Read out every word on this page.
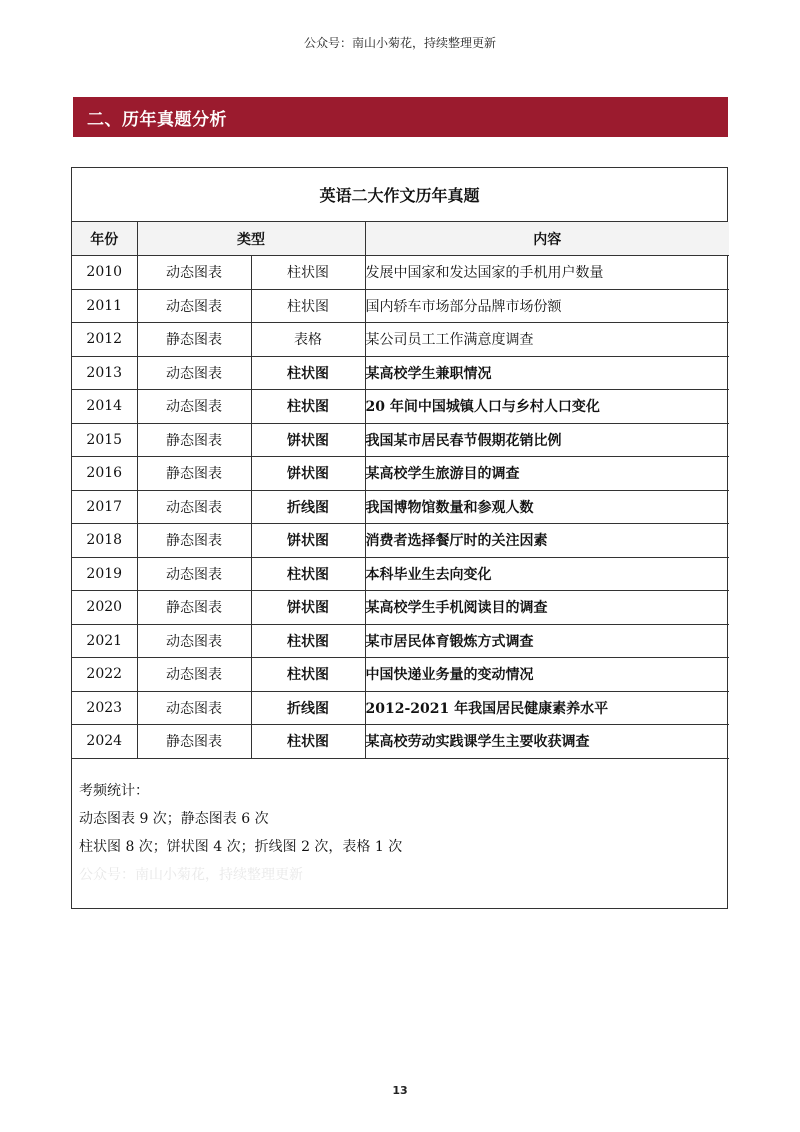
公众号：南山小菊花，持续整理更新
二、历年真题分析
英语二大作文历年真题
年份	类型		内容
2010	动态图表	柱状图	发展中国家和发达国家的手机用户数量
2011	动态图表	柱状图	国内轿车市场部分品牌市场份额
2012	静态图表	表格	某公司员工工作满意度调查
2013	动态图表	柱状图	某高校学生兼职情况
2014	动态图表	柱状图	20 年间中国城镇人口与乡村人口变化
2015	静态图表	饼状图	我国某市居民春节假期花销比例
2016	静态图表	饼状图	某高校学生旅游目的调查
2017	动态图表	折线图	我国博物馆数量和参观人数
2018	静态图表	饼状图	消费者选择餐厅时的关注因素
2019	动态图表	柱状图	本科毕业生去向变化
2020	静态图表	饼状图	某高校学生手机阅读目的调查
2021	动态图表	柱状图	某市居民体育锻炼方式调查
2022	动态图表	柱状图	中国快递业务量的变动情况
2023	动态图表	折线图	2012-2021 年我国居民健康素养水平
2024	静态图表	柱状图	某高校劳动实践课学生主要收获调查
考频统计：
动态图表 9 次；静态图表 6 次
柱状图 8 次；饼状图 4 次；折线图 2 次，表格 1 次
公众号：南山小菊花，持续整理更新
13
